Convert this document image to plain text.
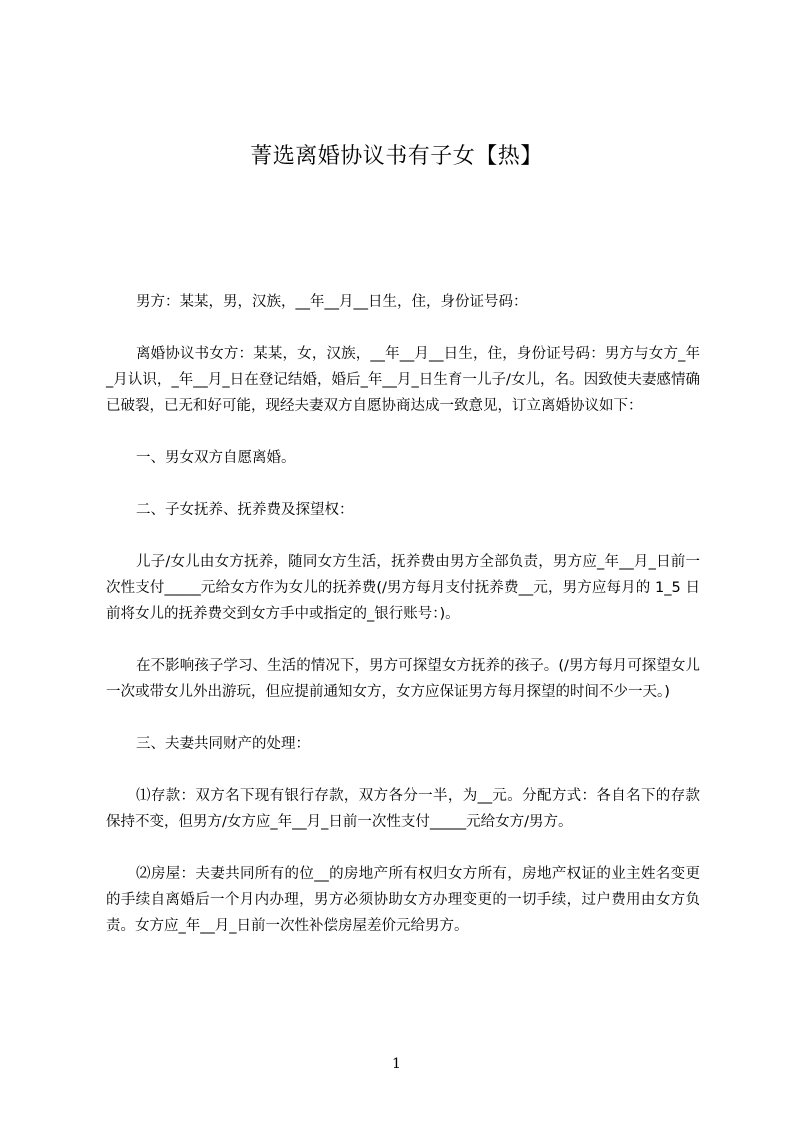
菁选离婚协议书有子女【热】

男方：某某，男，汉族，__年__月__日生，住，身份证号码：

离婚协议书女方：某某，女，汉族，__年__月__日生，住，身份证号码：男方与女方_年_月认识，_年__月_日在登记结婚，婚后_年__月_日生育一儿子/女儿，名。因致使夫妻感情确已破裂，已无和好可能，现经夫妻双方自愿协商达成一致意见，订立离婚协议如下：

一、男女双方自愿离婚。

二、子女抚养、抚养费及探望权：

儿子/女儿由女方抚养，随同女方生活，抚养费由男方全部负责，男方应_年__月_日前一次性支付_____元给女方作为女儿的抚养费(/男方每月支付抚养费__元，男方应每月的 1_5 日前将女儿的抚养费交到女方手中或指定的_银行账号：)。

在不影响孩子学习、生活的情况下，男方可探望女方抚养的孩子。(/男方每月可探望女儿一次或带女儿外出游玩，但应提前通知女方，女方应保证男方每月探望的时间不少一天。)

三、夫妻共同财产的处理：

⑴存款：双方名下现有银行存款，双方各分一半，为__元。分配方式：各自名下的存款保持不变，但男方/女方应_年__月_日前一次性支付_____元给女方/男方。

⑵房屋：夫妻共同所有的位__的房地产所有权归女方所有，房地产权证的业主姓名变更的手续自离婚后一个月内办理，男方必须协助女方办理变更的一切手续，过户费用由女方负责。女方应_年__月_日前一次性补偿房屋差价元给男方。

1
